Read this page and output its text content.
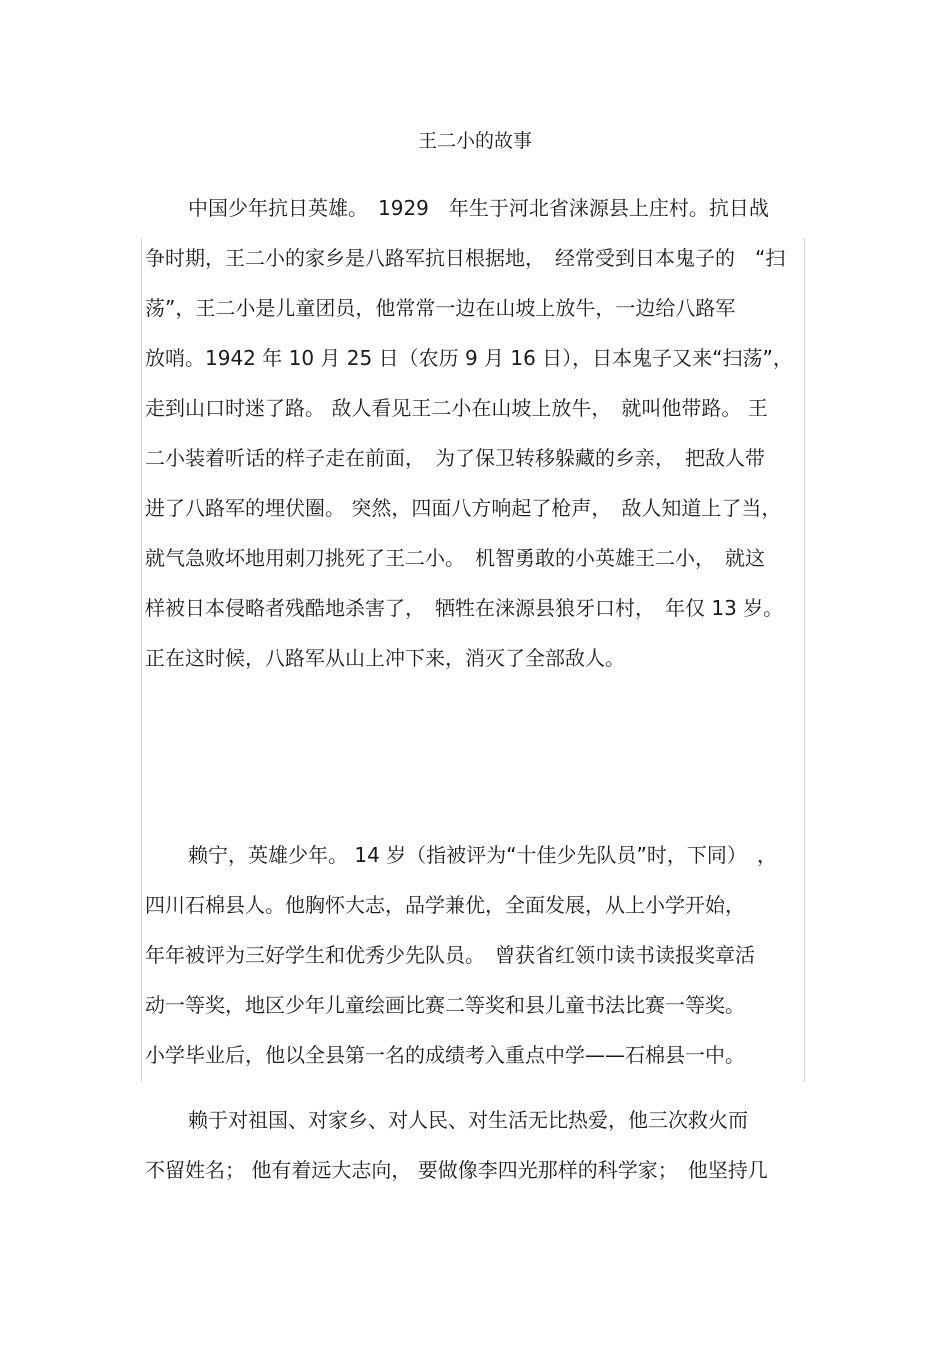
王二小的故事
中国少年抗日英雄。　1929　年生于河北省涞源县上庄村。抗日战
争时期，王二小的家乡是八路军抗日根据地，　经常受到日本鬼子的　“扫
荡”，王二小是儿童团员，他常常一边在山坡上放牛，一边给八路军
放哨。1942 年 10 月 25 日（农历 9 月 16 日），日本鬼子又来“扫荡”，
走到山口时迷了路。 敌人看见王二小在山坡上放牛，　就叫他带路。 王
二小装着听话的样子走在前面，　为了保卫转移躲藏的乡亲，　把敌人带
进了八路军的埋伏圈。 突然，四面八方响起了枪声，　敌人知道上了当，
就气急败坏地用刺刀挑死了王二小。　机智勇敢的小英雄王二小，　就这
样被日本侵略者残酷地杀害了，　牺牲在涞源县狼牙口村，　年仅 13 岁。
正在这时候，八路军从山上冲下来，消灭了全部敌人。
赖宁，英雄少年。 14 岁（指被评为“十佳少先队员”时，下同）　，
四川石棉县人。他胸怀大志，品学兼优，全面发展，从上小学开始，
年年被评为三好学生和优秀少先队员。　曾获省红领巾读书读报奖章活
动一等奖，地区少年儿童绘画比赛二等奖和县儿童书法比赛一等奖。
小学毕业后，他以全县第一名的成绩考入重点中学——石棉县一中。
赖于对祖国、对家乡、对人民、对生活无比热爱，他三次救火而
不留姓名； 他有着远大志向， 要做像李四光那样的科学家；　他坚持几
